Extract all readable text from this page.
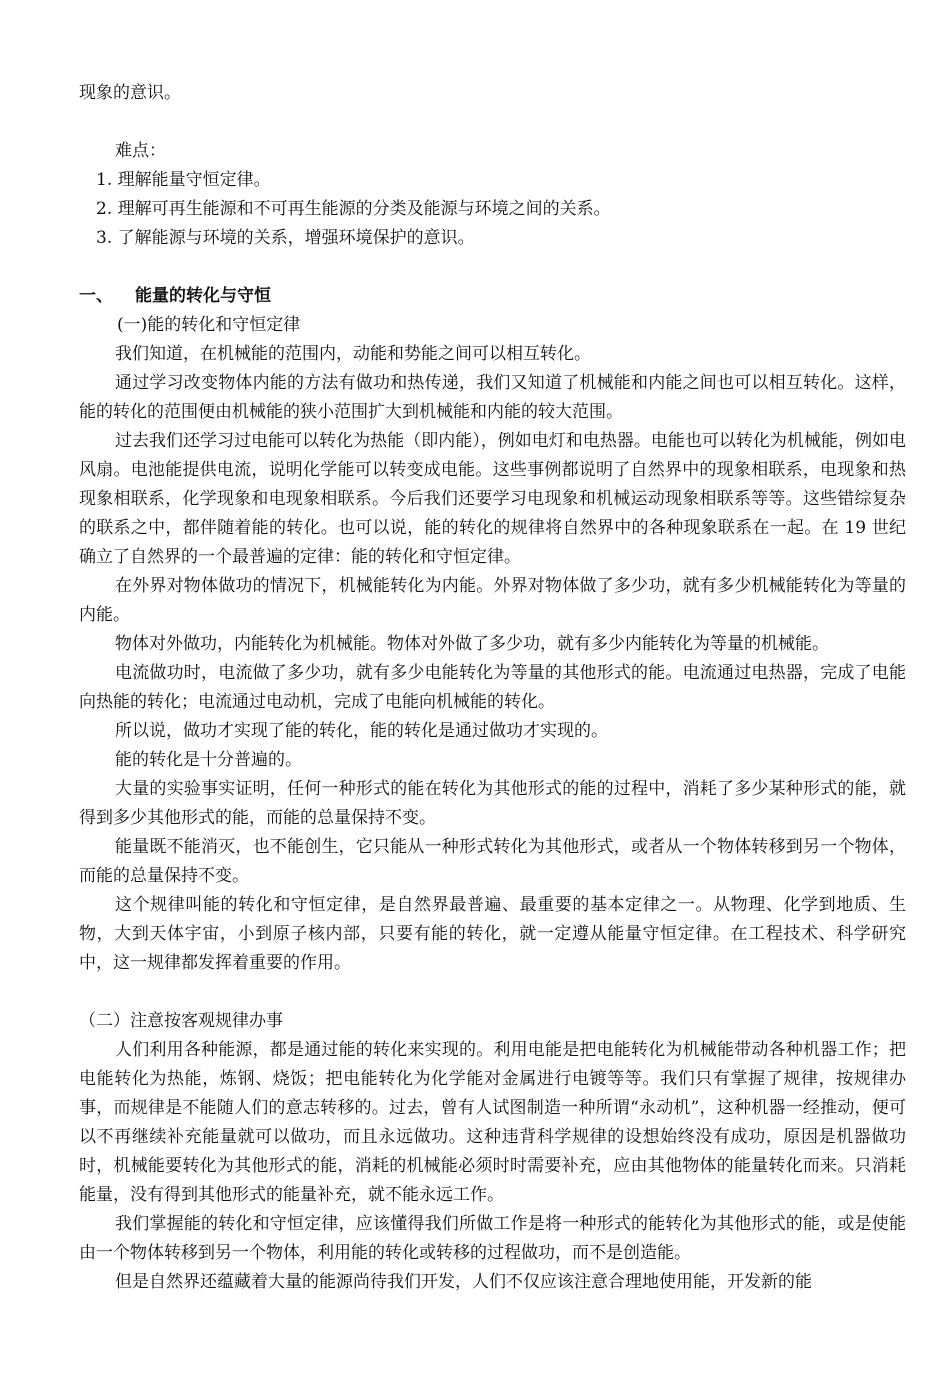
现象的意识。

难点：

1. 理解能量守恒定律。
2. 理解可再生能源和不可再生能源的分类及能源与环境之间的关系。
3. 了解能源与环境的关系，增强环境保护的意识。

一、 能量的转化与守恒

(一)能的转化和守恒定律

我们知道，在机械能的范围内，动能和势能之间可以相互转化。

通过学习改变物体内能的方法有做功和热传递，我们又知道了机械能和内能之间也可以相互转化。这样，能的转化的范围便由机械能的狭小范围扩大到机械能和内能的较大范围。

过去我们还学习过电能可以转化为热能（即内能），例如电灯和电热器。电能也可以转化为机械能，例如电风扇。电池能提供电流，说明化学能可以转变成电能。这些事例都说明了自然界中的现象相联系，电现象和热现象相联系，化学现象和电现象相联系。今后我们还要学习电现象和机械运动现象相联系等等。这些错综复杂的联系之中，都伴随着能的转化。也可以说，能的转化的规律将自然界中的各种现象联系在一起。在 19 世纪确立了自然界的一个最普遍的定律：能的转化和守恒定律。

在外界对物体做功的情况下，机械能转化为内能。外界对物体做了多少功，就有多少机械能转化为等量的内能。

物体对外做功，内能转化为机械能。物体对外做了多少功，就有多少内能转化为等量的机械能。

电流做功时，电流做了多少功，就有多少电能转化为等量的其他形式的能。电流通过电热器，完成了电能向热能的转化；电流通过电动机，完成了电能向机械能的转化。

所以说，做功才实现了能的转化，能的转化是通过做功才实现的。

能的转化是十分普遍的。

大量的实验事实证明，任何一种形式的能在转化为其他形式的能的过程中，消耗了多少某种形式的能，就得到多少其他形式的能，而能的总量保持不变。

能量既不能消灭，也不能创生，它只能从一种形式转化为其他形式，或者从一个物体转移到另一个物体，而能的总量保持不变。

这个规律叫能的转化和守恒定律，是自然界最普遍、最重要的基本定律之一。从物理、化学到地质、生物，大到天体宇宙，小到原子核内部，只要有能的转化，就一定遵从能量守恒定律。在工程技术、科学研究中，这一规律都发挥着重要的作用。

（二）注意按客观规律办事

人们利用各种能源，都是通过能的转化来实现的。利用电能是把电能转化为机械能带动各种机器工作；把电能转化为热能，炼钢、烧饭；把电能转化为化学能对金属进行电镀等等。我们只有掌握了规律，按规律办事，而规律是不能随人们的意志转移的。过去，曾有人试图制造一种所谓“永动机”，这种机器一经推动，便可以不再继续补充能量就可以做功，而且永远做功。这种违背科学规律的设想始终没有成功，原因是机器做功时，机械能要转化为其他形式的能，消耗的机械能必须时时需要补充，应由其他物体的能量转化而来。只消耗能量，没有得到其他形式的能量补充，就不能永远工作。

我们掌握能的转化和守恒定律，应该懂得我们所做工作是将一种形式的能转化为其他形式的能，或是使能由一个物体转移到另一个物体，利用能的转化或转移的过程做功，而不是创造能。

但是自然界还蕴藏着大量的能源尚待我们开发，人们不仅应该注意合理地使用能，开发新的能
